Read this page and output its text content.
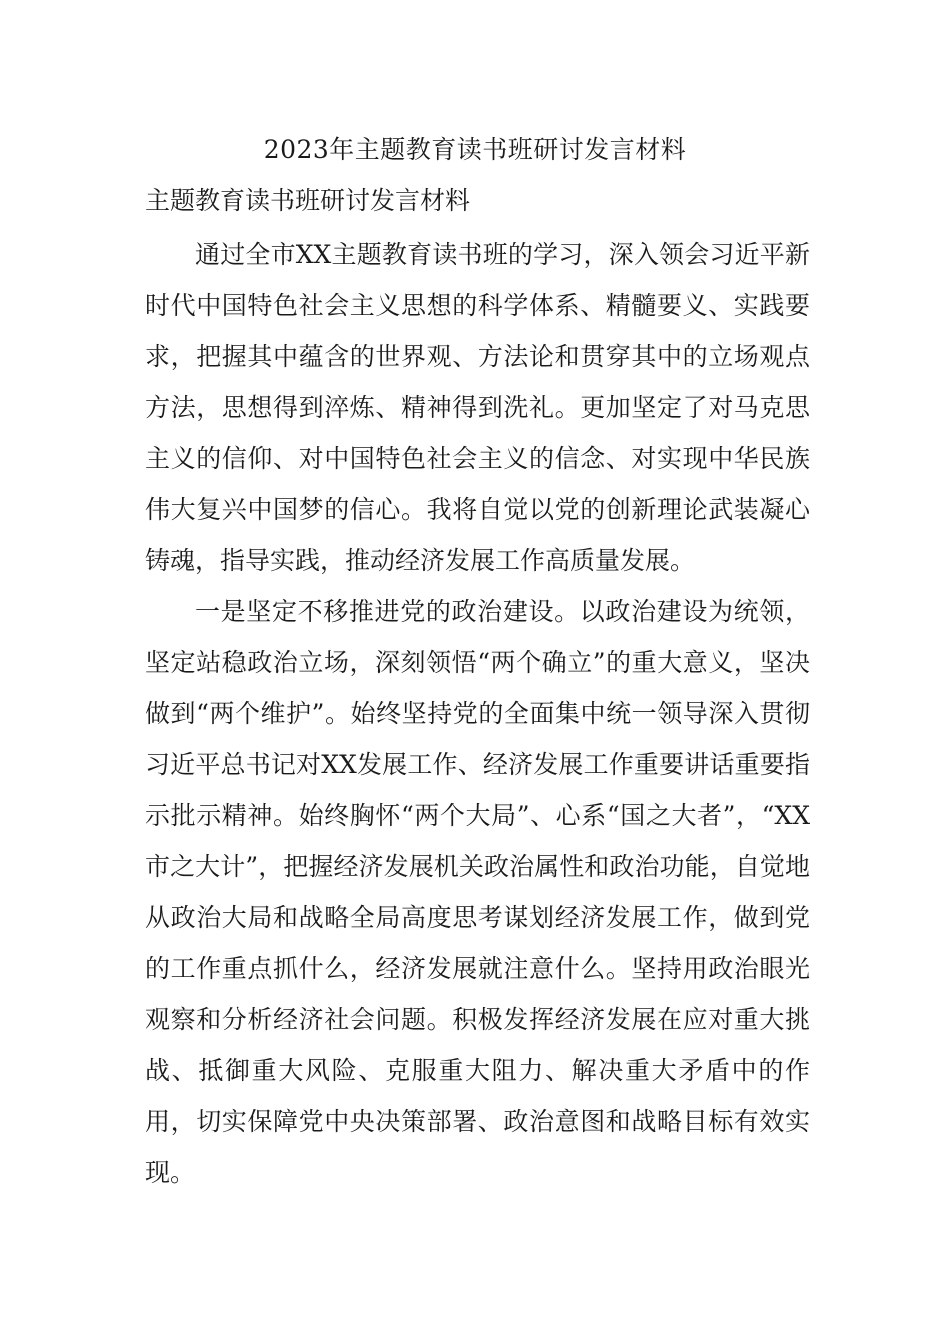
2023年主题教育读书班研讨发言材料
主题教育读书班研讨发言材料

通过全市XX主题教育读书班的学习，深入领会习近平新时代中国特色社会主义思想的科学体系、精髓要义、实践要求，把握其中蕴含的世界观、方法论和贯穿其中的立场观点方法，思想得到淬炼、精神得到洗礼。更加坚定了对马克思主义的信仰、对中国特色社会主义的信念、对实现中华民族伟大复兴中国梦的信心。我将自觉以党的创新理论武装凝心铸魂，指导实践，推动经济发展工作高质量发展。

一是坚定不移推进党的政治建设。以政治建设为统领，坚定站稳政治立场，深刻领悟“两个确立”的重大意义，坚决做到“两个维护”。始终坚持党的全面集中统一领导深入贯彻习近平总书记对XX发展工作、经济发展工作重要讲话重要指示批示精神。始终胸怀“两个大局”、心系“国之大者”，“XX市之大计”，把握经济发展机关政治属性和政治功能，自觉地从政治大局和战略全局高度思考谋划经济发展工作，做到党的工作重点抓什么，经济发展就注意什么。坚持用政治眼光观察和分析经济社会问题。积极发挥经济发展在应对重大挑战、抵御重大风险、克服重大阻力、解决重大矛盾中的作用，切实保障党中央决策部署、政治意图和战略目标有效实现。
